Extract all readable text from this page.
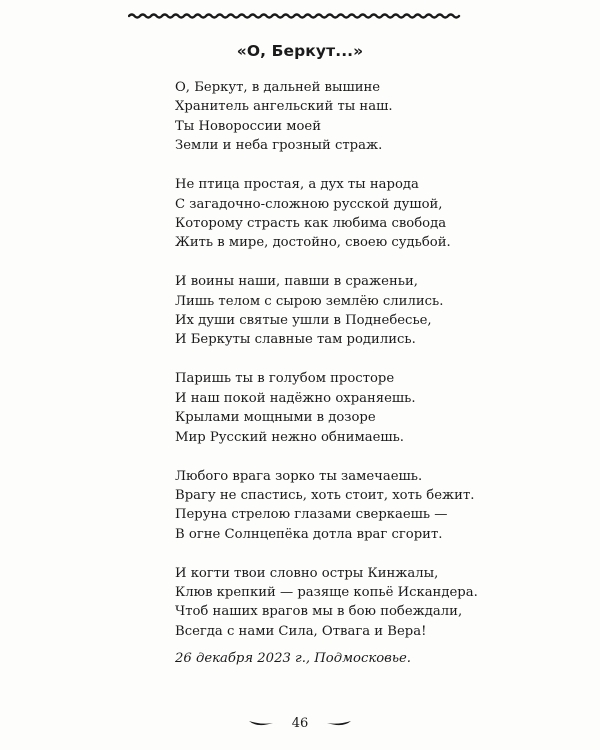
«О, Беркут...»
О, Беркут, в дальней вышине
Хранитель ангельский ты наш.
Ты Новороссии моей
Земли и неба грозный страж.
Не птица простая, а дух ты народа
С загадочно-сложною русской душой,
Которому страсть как любима свобода
Жить в мире, достойно, своею судьбой.
И воины наши, павши в сраженьи,
Лишь телом с сырою землёю слились.
Их души святые ушли в Поднебесье,
И Беркуты славные там родились.
Паришь ты в голубом просторе
И наш покой надёжно охраняешь.
Крылами мощными в дозоре
Мир Русский нежно обнимаешь.
Любого врага зорко ты замечаешь.
Врагу не спастись, хоть стоит, хоть бежит.
Перуна стрелою глазами сверкаешь —
В огне Солнцепёка дотла враг сгорит.
И когти твои словно остры Кинжалы,
Клюв крепкий — разяще копьё Искандера.
Чтоб наших врагов мы в бою побеждали,
Всегда с нами Сила, Отвага и Вера!
26 декабря 2023 г., Подмосковье.
46
